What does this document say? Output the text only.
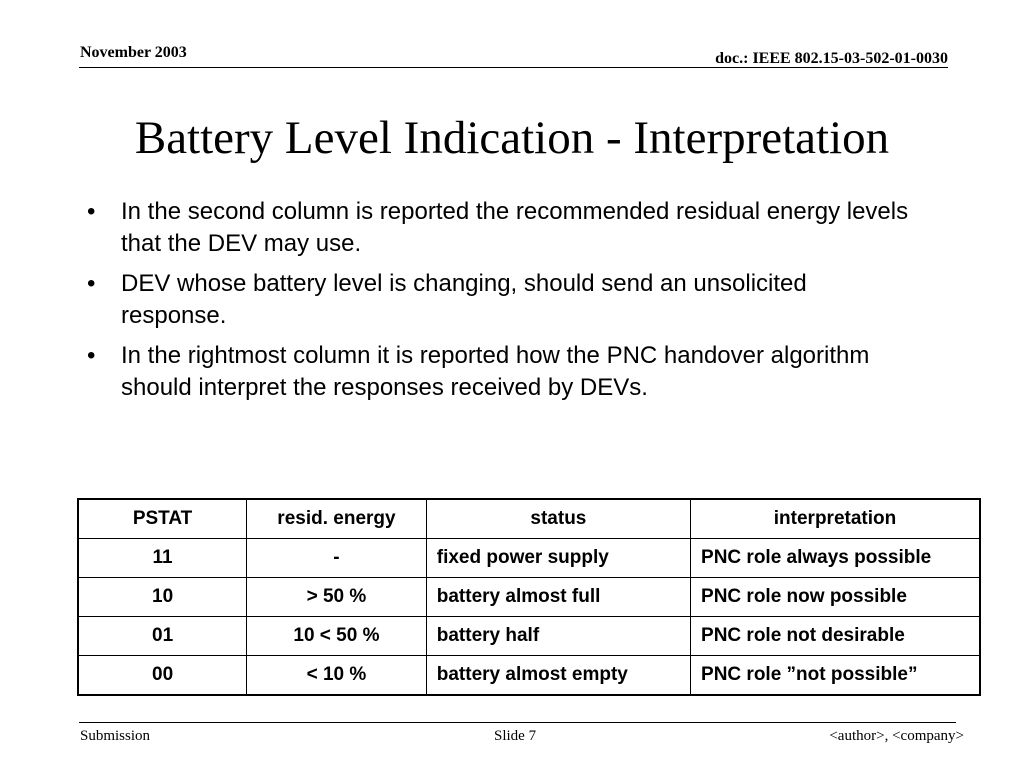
November 2003	doc.: IEEE 802.15-03-502-01-0030
Battery Level Indication - Interpretation
• In the second column is reported the recommended residual energy levels that the DEV may use.
• DEV whose battery level is changing, should send an unsolicited response.
• In the rightmost column it is reported how the PNC handover algorithm should interpret the responses received by DEVs.
PSTAT	resid. energy	status	interpretation
11	-	fixed power supply	PNC role always possible
10	> 50 %	battery almost full	PNC role now possible
01	10 < 50 %	battery half	PNC role not desirable
00	< 10 %	battery almost empty	PNC role ”not possible”
Submission	Slide 7	<author>, <company>
